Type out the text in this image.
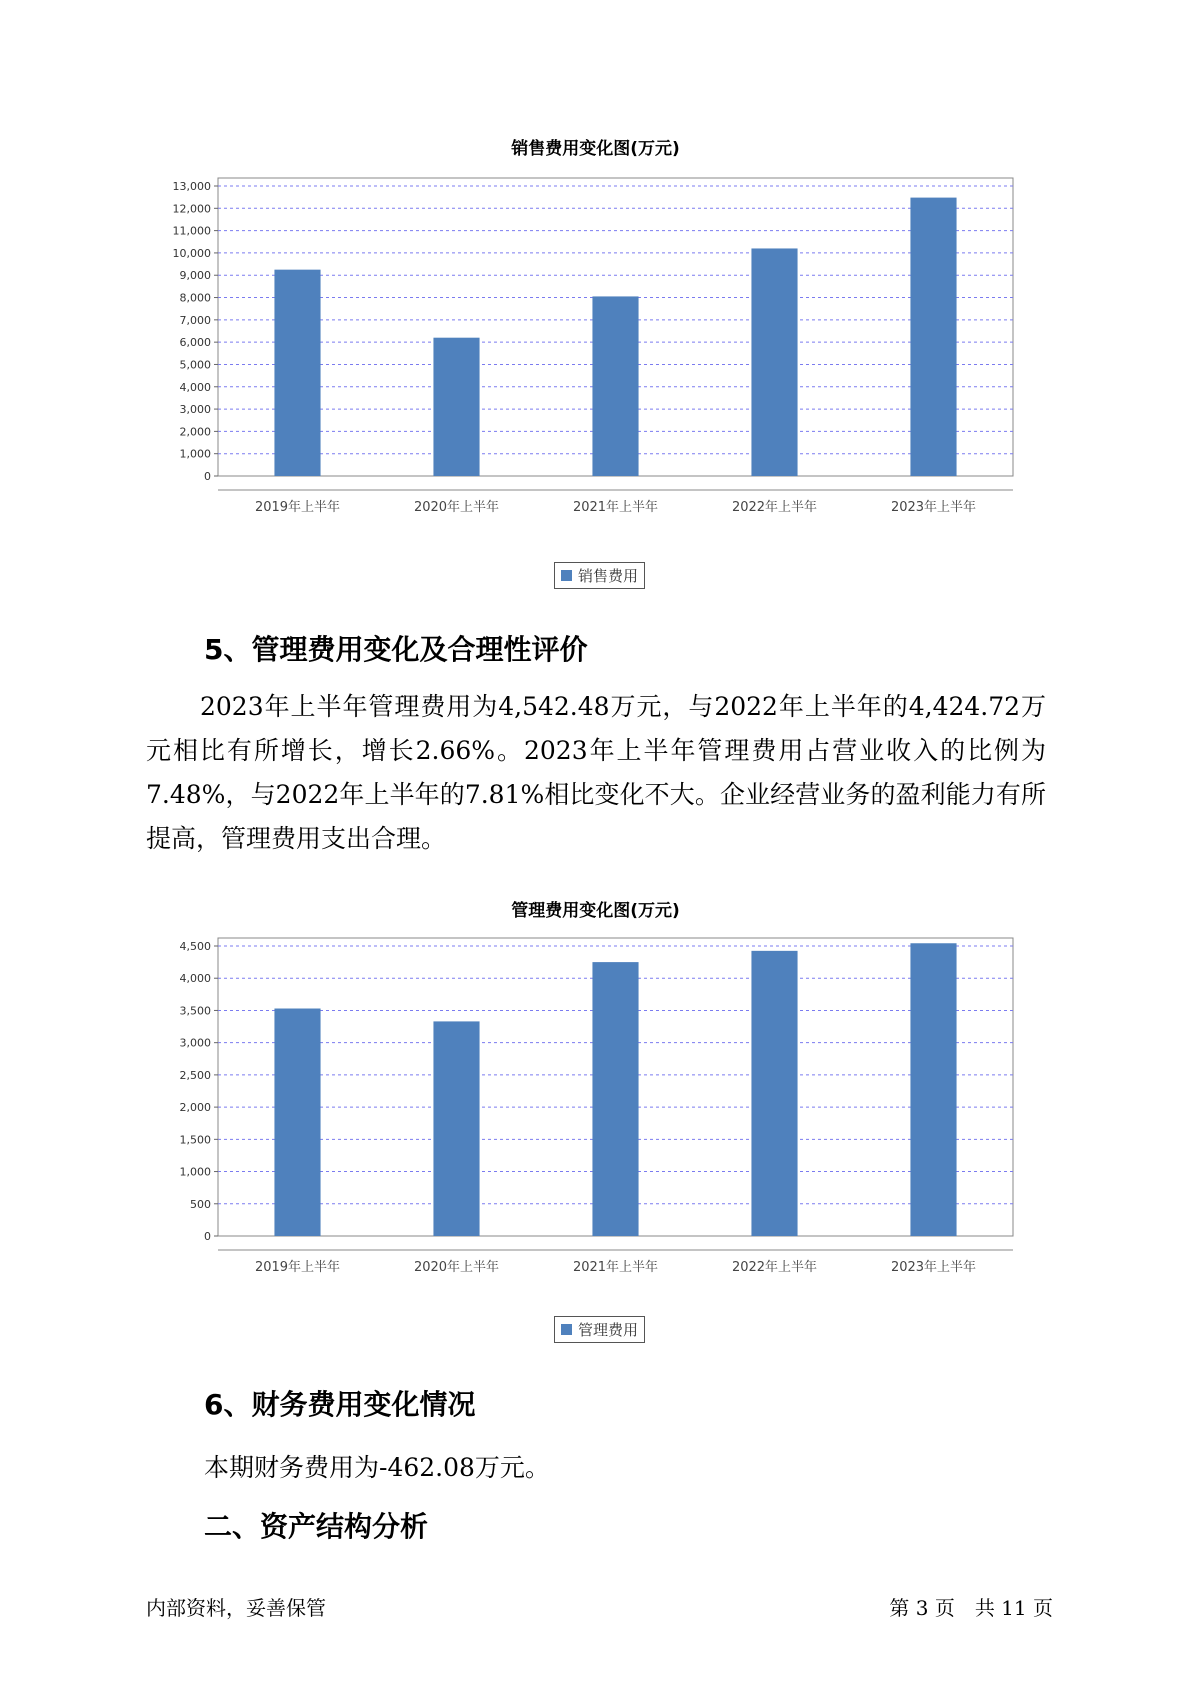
销售费用变化图(万元)
0
1,000
2,000
3,000
4,000
5,000
6,000
7,000
8,000
9,000
10,000
11,000
12,000
13,000
2019年上半年	2020年上半年	2021年上半年	2022年上半年	2023年上半年
销售费用
5、管理费用变化及合理性评价
2023年上半年管理费用为4,542.48万元，与2022年上半年的4,424.72万元相比有所增长，增长2.66%。2023年上半年管理费用占营业收入的比例为7.48%，与2022年上半年的7.81%相比变化不大。企业经营业务的盈利能力有所提高，管理费用支出合理。
管理费用变化图(万元)
0
500
1,000
1,500
2,000
2,500
3,000
3,500
4,000
4,500
2019年上半年	2020年上半年	2021年上半年	2022年上半年	2023年上半年
管理费用
6、财务费用变化情况
本期财务费用为-462.08万元。
二、资产结构分析
内部资料，妥善保管	第 3 页　共 11 页
